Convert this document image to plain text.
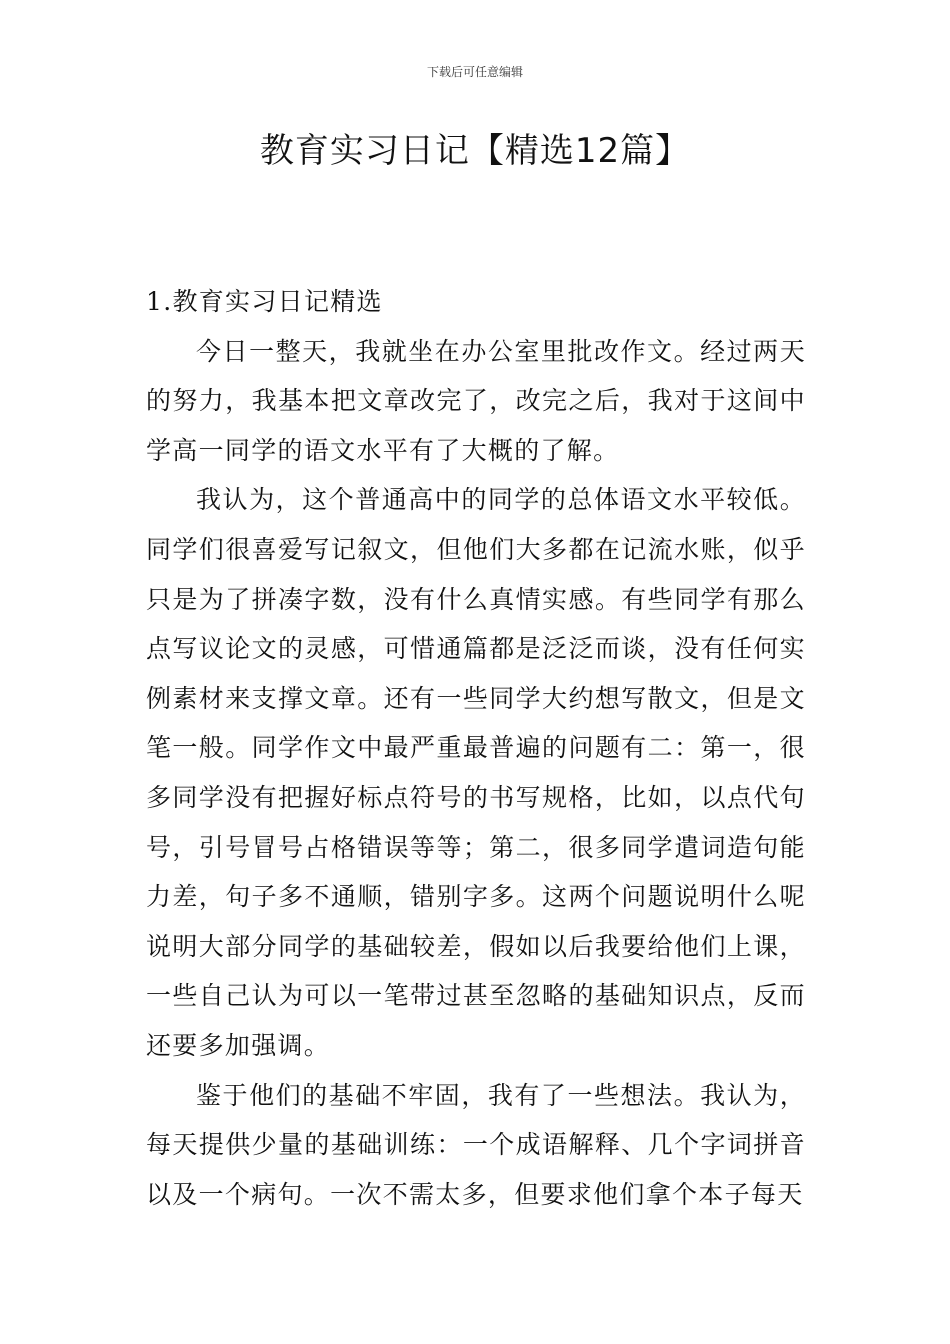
下载后可任意编辑
教育实习日记【精选12篇】
1.教育实习日记精选

今日一整天，我就坐在办公室里批改作文。经过两天的努力，我基本把文章改完了，改完之后，我对于这间中学高一同学的语文水平有了大概的了解。

我认为，这个普通高中的同学的总体语文水平较低。同学们很喜爱写记叙文，但他们大多都在记流水账，似乎只是为了拼凑字数，没有什么真情实感。有些同学有那么点写议论文的灵感，可惜通篇都是泛泛而谈，没有任何实例素材来支撑文章。还有一些同学大约想写散文，但是文笔一般。同学作文中最严重最普遍的问题有二：第一，很多同学没有把握好标点符号的书写规格，比如，以点代句号，引号冒号占格错误等等；第二，很多同学遣词造句能力差，句子多不通顺，错别字多。这两个问题说明什么呢说明大部分同学的基础较差，假如以后我要给他们上课，一些自己认为可以一笔带过甚至忽略的基础知识点，反而还要多加强调。

鉴于他们的基础不牢固，我有了一些想法。我认为，每天提供少量的基础训练：一个成语解释、几个字词拼音以及一个病句。一次不需太多，但要求他们拿个本子每天
